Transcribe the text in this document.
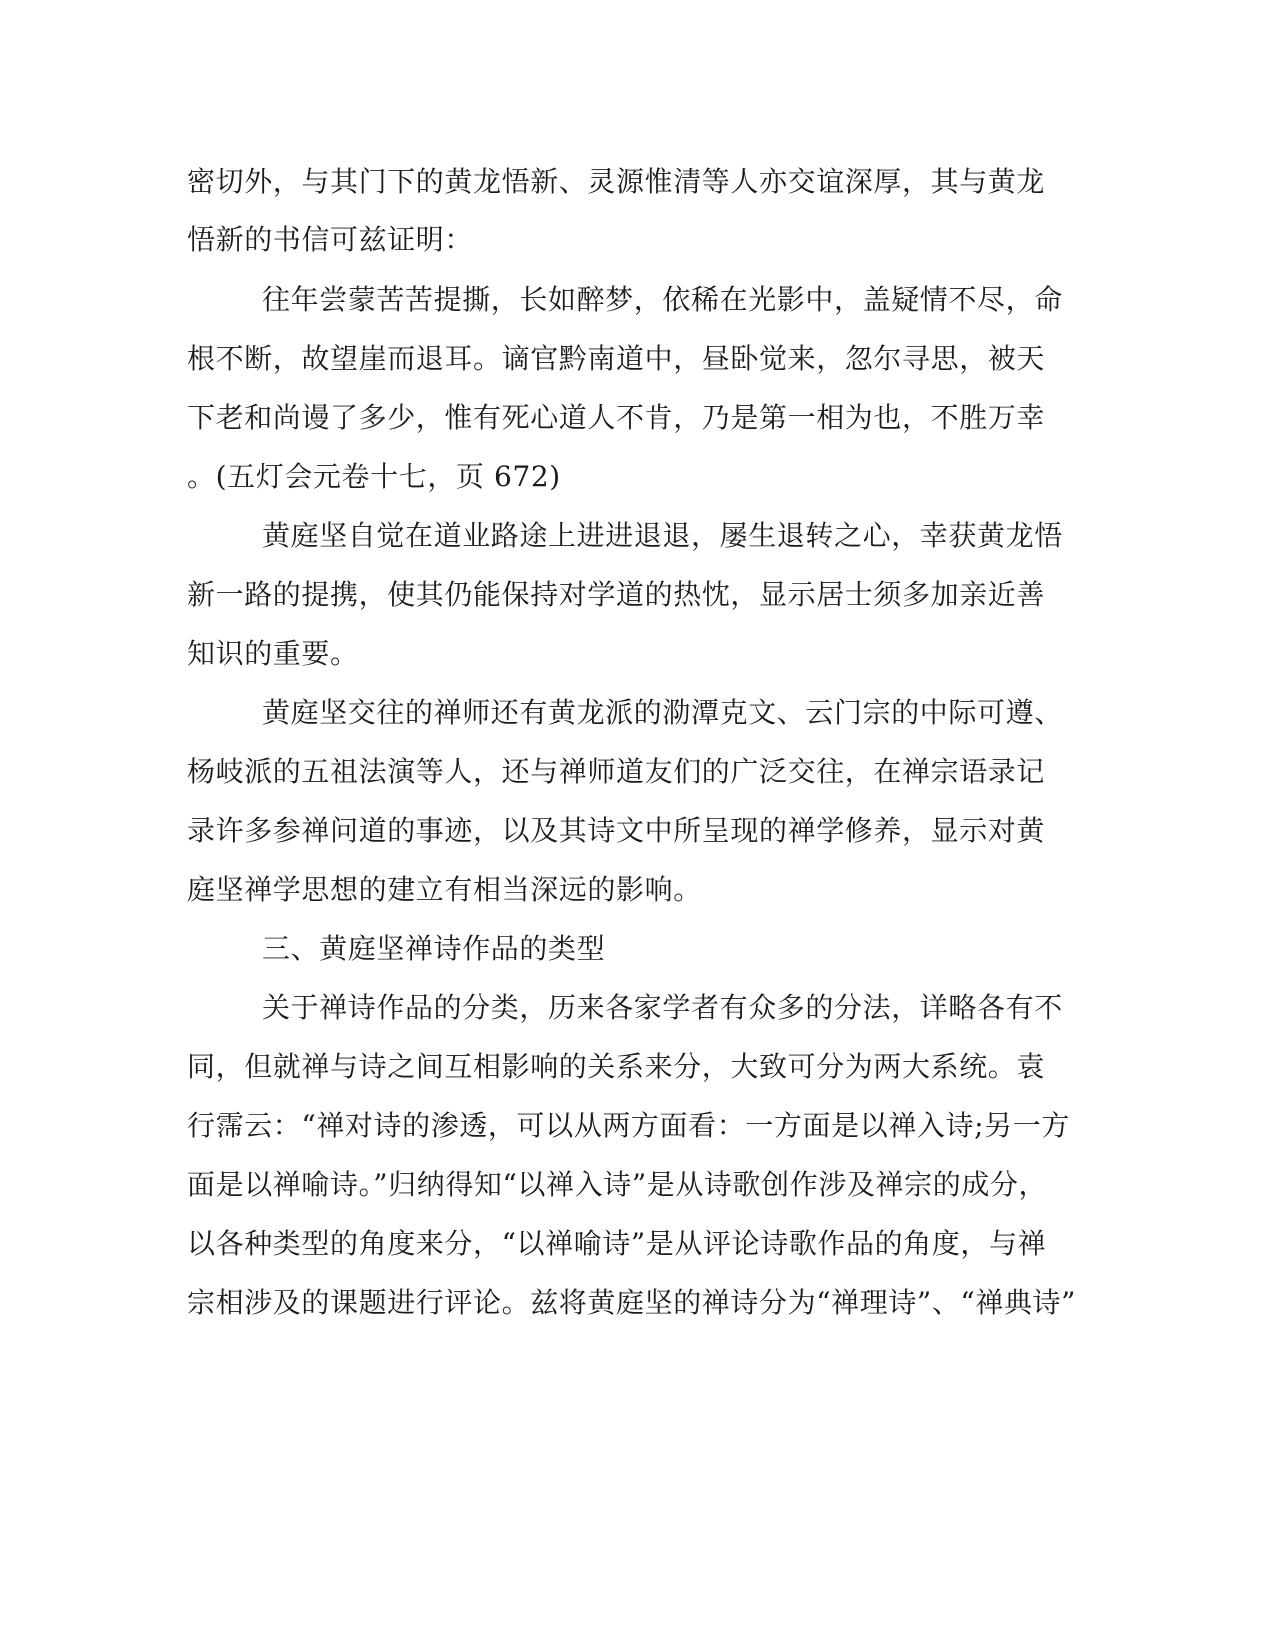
密切外，与其门下的黄龙悟新、灵源惟清等人亦交谊深厚，其与黄龙
悟新的书信可兹证明：
往年尝蒙苦苦提撕，长如醉梦，依稀在光影中，盖疑情不尽，命
根不断，故望崖而退耳。谪官黔南道中，昼卧觉来，忽尔寻思，被天
下老和尚谩了多少，惟有死心道人不肯，乃是第一相为也，不胜万幸
。(五灯会元卷十七，页 672)
黄庭坚自觉在道业路途上进进退退，屡生退转之心，幸获黄龙悟
新一路的提携，使其仍能保持对学道的热忱，显示居士须多加亲近善
知识的重要。
黄庭坚交往的禅师还有黄龙派的泐潭克文、云门宗的中际可遵、
杨岐派的五祖法演等人，还与禅师道友们的广泛交往，在禅宗语录记
录许多参禅问道的事迹，以及其诗文中所呈现的禅学修养，显示对黄
庭坚禅学思想的建立有相当深远的影响。
三、黄庭坚禅诗作品的类型
关于禅诗作品的分类，历来各家学者有众多的分法，详略各有不
同，但就禅与诗之间互相影响的关系来分，大致可分为两大系统。袁
行霈云：“禅对诗的渗透，可以从两方面看：一方面是以禅入诗;另一方
面是以禅喻诗。”归纳得知“以禅入诗”是从诗歌创作涉及禅宗的成分，
以各种类型的角度来分，“以禅喻诗”是从评论诗歌作品的角度，与禅
宗相涉及的课题进行评论。兹将黄庭坚的禅诗分为“禅理诗”、“禅典诗”
